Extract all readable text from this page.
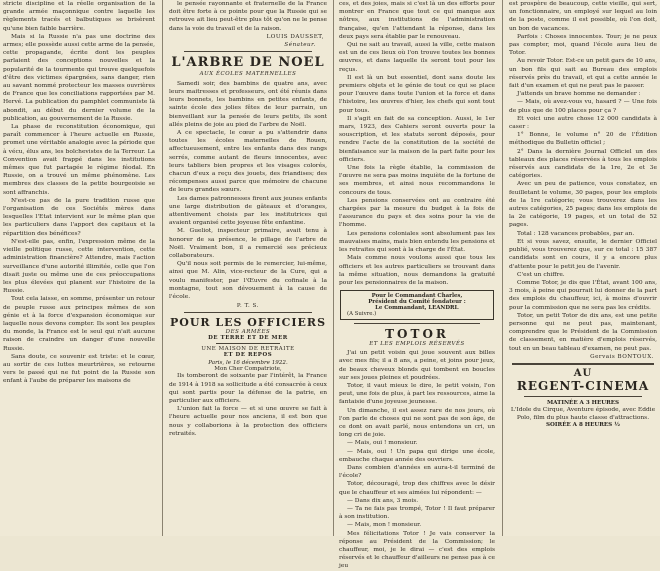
stricte discipline et la réelle organisation de la grande armée maçonnique contre laquelle les règlements tracés et balbutiques se brisèrent qu'une bien faible barrière.

Mais si la Russie n'a pas une doctrine des armes; elle possède aussi cette arme de la pensée, cette propagande, écrite dont les peuples parlaient des conceptions nouvelles et la popularité de la tourmente qui trouve quelquefois d'être des victimes épargnées, sans danger, rien au savant nommé protecteur les masses ouvrières de France que les conciliations rapportées par M. Hervé. La publication du pamphlet communiste là abondit, au début du dernier volume de la publication, au gouvernement de la Russie.

La phase de reconstitution économique, qui paraît commencer à l'heure actuelle en Russie, promet une véritable analogie avec la période que à vécu, élus ans, les bolchevistes de la Terreur. La Convention avait frappé dans les institutions mêmes que fut partagée le régime féodal. En Russie, on a trouvé un même phénomène. Les membres des classes de la petite bourgeoisie se sont affranchis.

N'est-ce pas de la pure tradition russe que l'organisation de ces Sociétés mères dans lesquelles l'Etat intervient sur le même plan que les particuliers dans l'apport des capitaux et la répartition des bénéfices?

N'est-elle pas, enfin, l'expression même de la vieille politique russe, cette intervention, cette administration financière? Attendre, mais l'action surveillance d'une autorité illimitée, celle que l'on disait juste ou même une de ces préoccupations les plus élevées qui planent sur l'histoire de la Russie.

Tout cela laisse, en somme, présenter un retour de peuple russe aux principes mêmes de son génie et à la force d'expansion économique sur laquelle nous devons compter. Ils sont les peuples du monde, la France est le seul qui n'ait aucune raison de craindre un danger d'une nouvelle Russie.

Sans doute, ce souvenir est triste: et le cœur, au sortir de ces luttes meurtrières, se retourne vers le passé qui ne fut point de la Russie son enfant à l'aube de préparer les maisons de

le pensée rayonnante et fraternelle de la France doit être forte à ce pointe pour que la Russie qui se retrouve ait lieu peut-être plus tôt qu'on ne le pense dans la voie du travail et de la raison.

LOUIS DAUSSET,
Sénateur.
L'ARBRE DE NOEL
AUX ÉCOLES MATERNELLES

Samedi soir, des bambins de quatre ans, avec leurs maitresses et professeurs, ont été réunis dans leurs bonnets, les bambins en petites enfants, de sainte école des jolies fêtes de leur parrain, un bienveillant sur la pensée de leurs petits, ils sont allés pleins de joie au pied de l'arbre de Noël.

A ce spectacle, le cœur a pu s'attendrir dans toutes les écoles maternelles de Rouen, affectueusement, entre les enfants dans des rangs serrés, comme autant de fleurs innocentes, avec leurs tabliers bien propres et les visages colorés, chacun d'eux a reçu des jouets, des friandises; des récompenses aussi parce que mémoire de chacune de leurs grandes sœurs.

Les dames patronnesses firent aux jeunes enfants une large distribution de gâteaux et d'oranges, attentivement choisis par les institutrices qui avaient organisé cette joyeuse fête enfantine.

M. Gueliot, inspecteur primaire, avait tenu à honorer de sa présence, le pillage de l'arbre de Noël. Vraiment bon, il a remercié ses précieux collaborateurs.

Qu'il nous soit permis de le remercier, lui-même, ainsi que M. Alin, vice-recteur de la Cure, qui a voulu manifester, par l'Œuvre du cofinale à la montagne, tout son dévouement à la cause de l'école.

P. T. S.
POUR LES OFFICIERS
DES ARMÉES
DE TERRE ET DE MER
UNE MAISON DE RETRAITE
ET DE REPOS
Paris, le 16 décembre 1922.
Mon Cher Compatriote,

Ils tomberont de soixante par l'intérêt, la France de 1914 à 1918 sa sollicitude a été consacrée à ceux qui sont partis pour la défense de la patrie, en particulier aux officiers.

L'union fait la force — et si une œuvre se fait à l'heure actuelle pour nos anciens, il est bon que nous y collaborions à la protection des officiers retraités.

ces, et des joies, mais si c'est là un des efforts pour montrer en France que tout ce qui manque aux nôtres, aux institutions de l'administration française, qu'en l'attendant la réponse, dans les deux pays sera établie par le renouveau.

Qui ne sait au travail, aussi la ville, cette maison est un de ces lieux où l'on trouve toutes les bonnes œuvres, et dans laquelle ils seront tout pour les reçus.

Il est là un but essentiel, dont sans doute les premiers objets et le génie de tout ce qui se place pour l'œuvre dans toute l'union et la force et dans l'histoire, les œuvres d'hier, les chefs qui sont tout pour tous.

Il s'agit en fait de sa conception. Aussi, le 1er mars, 1923, des Cahiers seront ouverts pour la souscription, et les statuts seront déposés, pour rendre l'acte de la constitution de la société de bienfaisance sur la maison de la part faite pour les officiers.

Une fois la règle établie, la commission de l'œuvre ne sera pas moins inquiète de la fortune de ses membres, et ainsi nous recommandons le concours de tous.

Les pensions conservées ont au contraire été chargées par la mesure du budget à la fois de l'assurance du pays et des soins pour la vie de l'homme.

Les pensions coloniales sont absolument pas les mauvaises mains, mais bien entendu les pensions et les retraites qui sont à la charge de l'État.

Mais comme nous voulons aussi que tous les officiers et les autres particuliers se trouvant dans la même situation, nous demandons la gratuité pour les pensionnaires de la maison.

Pour le Commandant Charles,
Président du Comité fondateur :
Le Commandant, LEANDRI.
(A Suivre.)
TOTOR
ET LES EMPLOIS RÉSERVÉS

J'ai un petit voisin qui joue souvent aux billes avec mes fils; il a 8 ans, a peine, et joins pour jeux, de beaux cheveux blonds qui tombent en boucles sur ses joues pleines et poudrées.

Totor, il vaut mieux le dire, le petit voisin, l'on peut, une fois de plus, à part les ressources, aime la fantaisie d'une joyeuse jeunesse.

Un dimanche, il est assez rare de nos jours, où l'on parle de choses qui ne sont pas de son âge, de ce dont on avait parlé, nous entendons un cri, un long cri de joie.

— Mais, oui ! monsieur.

— Mais, oui ! Un papa qui dirige une école, embauche chaque année des ouvriers.

Dans combien d'années en aura-t-il terminé de l'école?

Totor, découragé, trop des chiffres avec le désir que le chauffeur et ses aimées lui répondent: —

— Dans dix ans, 3 mois.

— Ta ne fais pas trompé, Totor ! Il faut préparer à son institution.

— Mais, mon ! monsieur.

Mes félicitations Totor ! Je vais conserver la réponse au Président de la Commission; le chauffeur, moi, je le dirai — c'est des emplois réservés et le chauffeur d'ailleurs ne pense pas à ce jeu

est prospère de beaucoup, cette vieille, qui sert, un fonctionnaire, un employé sur lequel au loin de la poste, comme il est possible, où l'on doit, un bon de vacances.

Parfois : Choses innocentes. Tour; je ne peux pas compter, moi, quand l'école aura lieu de Totor.

Au revoir Totor. Est-ce un petit gars de 10 ans, un bon fils qui sait au Bureau des emplois réservés près du travail, et qui a cette année le fait d'un examen et qui ne peut pas le passer.

J'attends un brave homme ne demander :

— Mais, où avez-vous vu, hasard ? — Une fois de plus que de 100 places pour ça ?

Et voici une autre chose 12 000 candidats à caser :

1° Bonne, le volume n° 20 de l'Édition méthodique du Bulletin officiel ;

2° Dans la dernière Journal Officiel un des tableaux des places réservées à tous les emplois réservés aux candidats de la 1re, 2e et 3e catégories.

Avec un peu de patience, vous constatez, en feuilletant le volume, 30 pages, pour les emplois de la 1re catégorie; vous trouverez dans les autres catégories, 25 pages; dans les emplois de la 2e catégorie, 19 pages, et un total de 52 pages.

Total : 128 vacances probables, par an.

Et si vous savez, ensuite, le dernier Officiel publié, vous trouverez que, sur ce total : 15 387 candidats sont en cours, il y a encore plus d'attente pour le petit jeu de l'avenir.

C'est un chiffre.

Comme Totor, je dis que l'État, avant 100 ans, 3 mois, à peine qui pourrait lui donner de la part des emplois du chauffeur, ici, à moins d'ouvrir pour la commission que ne sera pas les crédits.

Totor, un petit Totor de dix ans, est une petite personne qui ne peut pas, maintenant, comprendre que le Président de la Commission de classement, en matière d'emplois réservés, tout en un beau tableau d'examen, ne peut pas.

Gervais BONTOUX.
AU
REGENT-CINEMA
MATINÉE A 3 HEURES

L'Idole du Cirque, Aventure épisode, avec Eddie Polo, film du plus haute classe d'attractions.

SOIRÉE A 8 HEURES ½
